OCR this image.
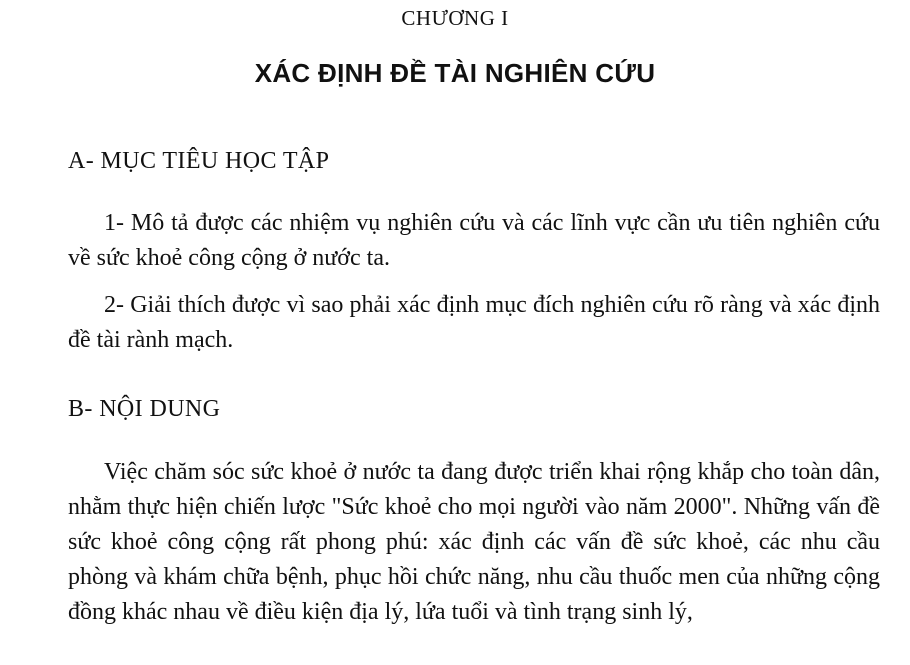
CHƯƠNG I
XÁC ĐỊNH ĐỀ TÀI NGHIÊN CỨU
A- MỤC TIÊU HỌC TẬP

1- Mô tả được các nhiệm vụ nghiên cứu và các lĩnh vực cần ưu tiên nghiên cứu về sức khoẻ công cộng ở nước ta.

2- Giải thích được vì sao phải xác định mục đích nghiên cứu rõ ràng và xác định đề tài rành mạch.

B- NỘI DUNG

Việc chăm sóc sức khoẻ ở nước ta đang được triển khai rộng khắp cho toàn dân, nhằm thực hiện chiến lược "Sức khoẻ cho mọi người vào năm 2000". Những vấn đề sức khoẻ công cộng rất phong phú: xác định các vấn đề sức khoẻ, các nhu cầu phòng và khám chữa bệnh, phục hồi chức năng, nhu cầu thuốc men của những cộng đồng khác nhau về điều kiện địa lý, lứa tuổi và tình trạng sinh lý,
